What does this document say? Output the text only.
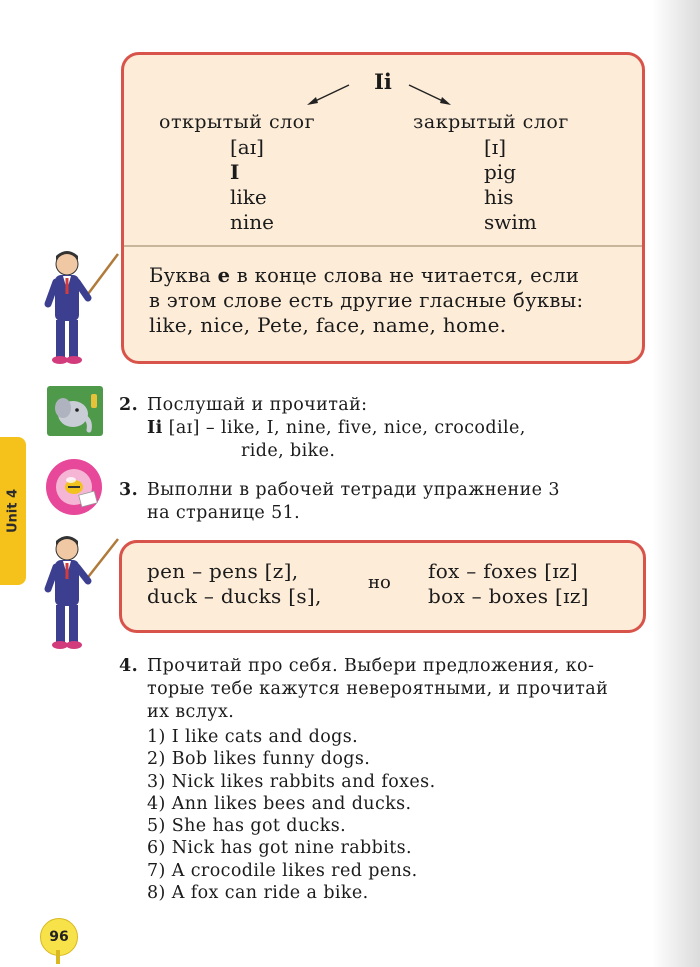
Ii
открытый слог	закрытый слог
[aɪ]
I
like
nine
[ɪ]
pig
his
swim
Буква e в конце слова не читается, если
в этом слове есть другие гласные буквы:
like, nice, Pete, face, name, home.
Unit 4
2. Послушай и прочитай:
Ii [aɪ] – like, I, nine, five, nice, crocodile,
ride, bike.
3. Выполни в рабочей тетради упражнение 3
на странице 51.
pen – pens [z],
duck – ducks [s],
но fox – foxes [ɪz]
box – boxes [ɪz]
4. Прочитай про себя. Выбери предложения, ко-
торые тебе кажутся невероятными, и прочитай
их вслух.
1) I like cats and dogs.
2) Bob likes funny dogs.
3) Nick likes rabbits and foxes.
4) Ann likes bees and ducks.
5) She has got ducks.
6) Nick has got nine rabbits.
7) A crocodile likes red pens.
8) A fox can ride a bike.
96
